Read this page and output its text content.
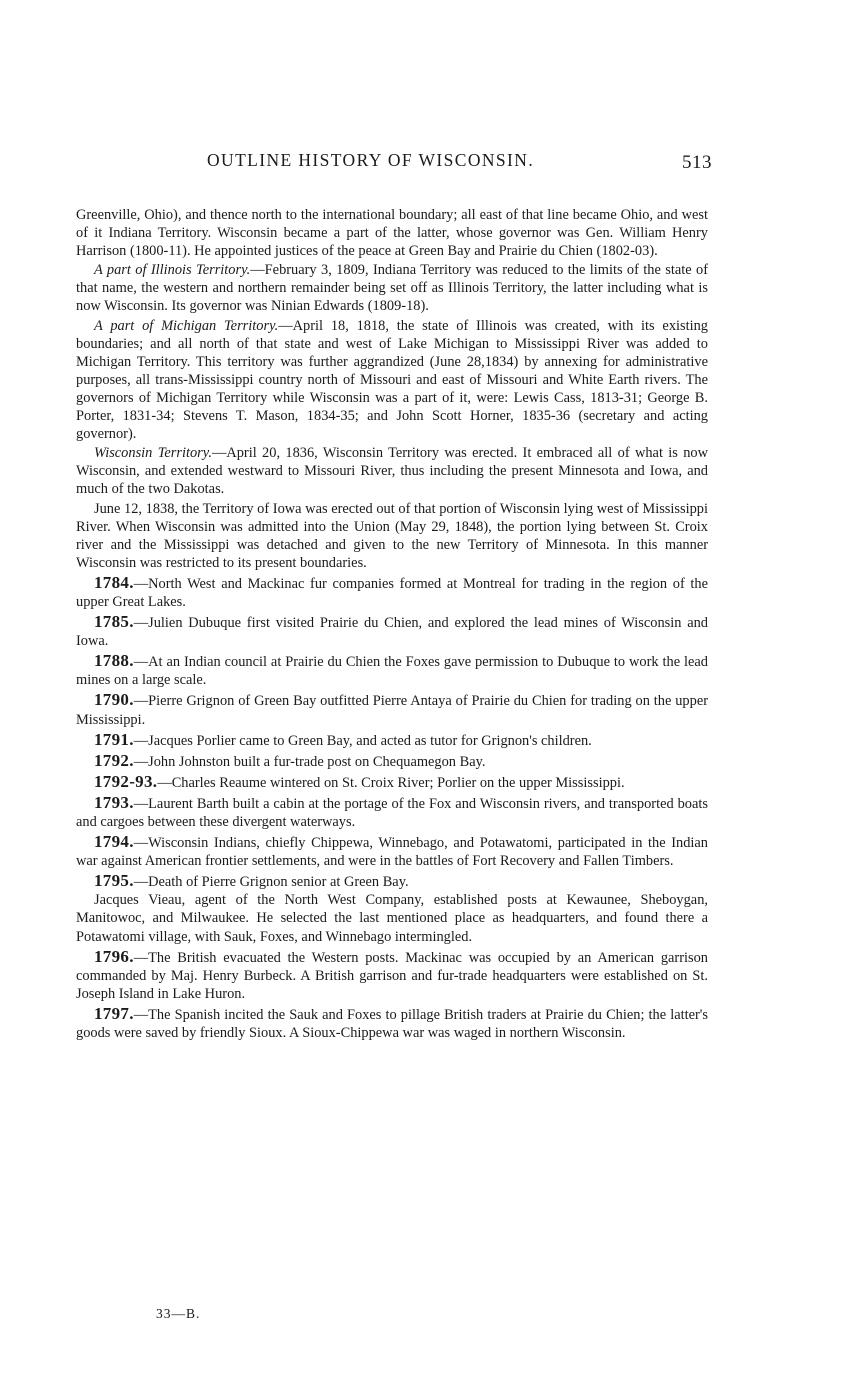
OUTLINE HISTORY OF WISCONSIN.	513

Greenville, Ohio), and thence north to the international boundary; all east of that line became Ohio, and west of it Indiana Territory. Wisconsin became a part of the latter, whose governor was Gen. William Henry Harrison (1800-11). He appointed justices of the peace at Green Bay and Prairie du Chien (1802-03).

A part of Illinois Territory.—February 3, 1809, Indiana Territory was reduced to the limits of the state of that name, the western and northern remainder being set off as Illinois Territory, the latter including what is now Wisconsin. Its governor was Ninian Edwards (1809-18).

A part of Michigan Territory.—April 18, 1818, the state of Illinois was created, with its existing boundaries; and all north of that state and west of Lake Michigan to Mississippi River was added to Michigan Territory. This territory was further aggrandized (June 28,1834) by annexing for administrative purposes, all trans-Mississippi country north of Missouri and east of Missouri and White Earth rivers. The governors of Michigan Territory while Wisconsin was a part of it, were: Lewis Cass, 1813-31; George B. Porter, 1831-34; Stevens T. Mason, 1834-35; and John Scott Horner, 1835-36 (secretary and acting governor).

Wisconsin Territory.—April 20, 1836, Wisconsin Territory was erected. It embraced all of what is now Wisconsin, and extended westward to Missouri River, thus including the present Minnesota and Iowa, and much of the two Dakotas.

June 12, 1838, the Territory of Iowa was erected out of that portion of Wisconsin lying west of Mississippi River. When Wisconsin was admitted into the Union (May 29, 1848), the portion lying between St. Croix river and the Mississippi was detached and given to the new Territory of Minnesota. In this manner Wisconsin was restricted to its present boundaries.

1784.—North West and Mackinac fur companies formed at Montreal for trading in the region of the upper Great Lakes.

1785.—Julien Dubuque first visited Prairie du Chien, and explored the lead mines of Wisconsin and Iowa.

1788.—At an Indian council at Prairie du Chien the Foxes gave permission to Dubuque to work the lead mines on a large scale.

1790.—Pierre Grignon of Green Bay outfitted Pierre Antaya of Prairie du Chien for trading on the upper Mississippi.

1791.—Jacques Porlier came to Green Bay, and acted as tutor for Grignon's children.

1792.—John Johnston built a fur-trade post on Chequamegon Bay.

1792-93.—Charles Reaume wintered on St. Croix River; Porlier on the upper Mississippi.

1793.—Laurent Barth built a cabin at the portage of the Fox and Wisconsin rivers, and transported boats and cargoes between these divergent waterways.

1794.—Wisconsin Indians, chiefly Chippewa, Winnebago, and Potawatomi, participated in the Indian war against American frontier settlements, and were in the battles of Fort Recovery and Fallen Timbers.

1795.—Death of Pierre Grignon senior at Green Bay.

Jacques Vieau, agent of the North West Company, established posts at Kewaunee, Sheboygan, Manitowoc, and Milwaukee. He selected the last mentioned place as headquarters, and found there a Potawatomi village, with Sauk, Foxes, and Winnebago intermingled.

1796.—The British evacuated the Western posts. Mackinac was occupied by an American garrison commanded by Maj. Henry Burbeck. A British garrison and fur-trade headquarters were established on St. Joseph Island in Lake Huron.

1797.—The Spanish incited the Sauk and Foxes to pillage British traders at Prairie du Chien; the latter's goods were saved by friendly Sioux. A Sioux-Chippewa war was waged in northern Wisconsin.

33—B.
